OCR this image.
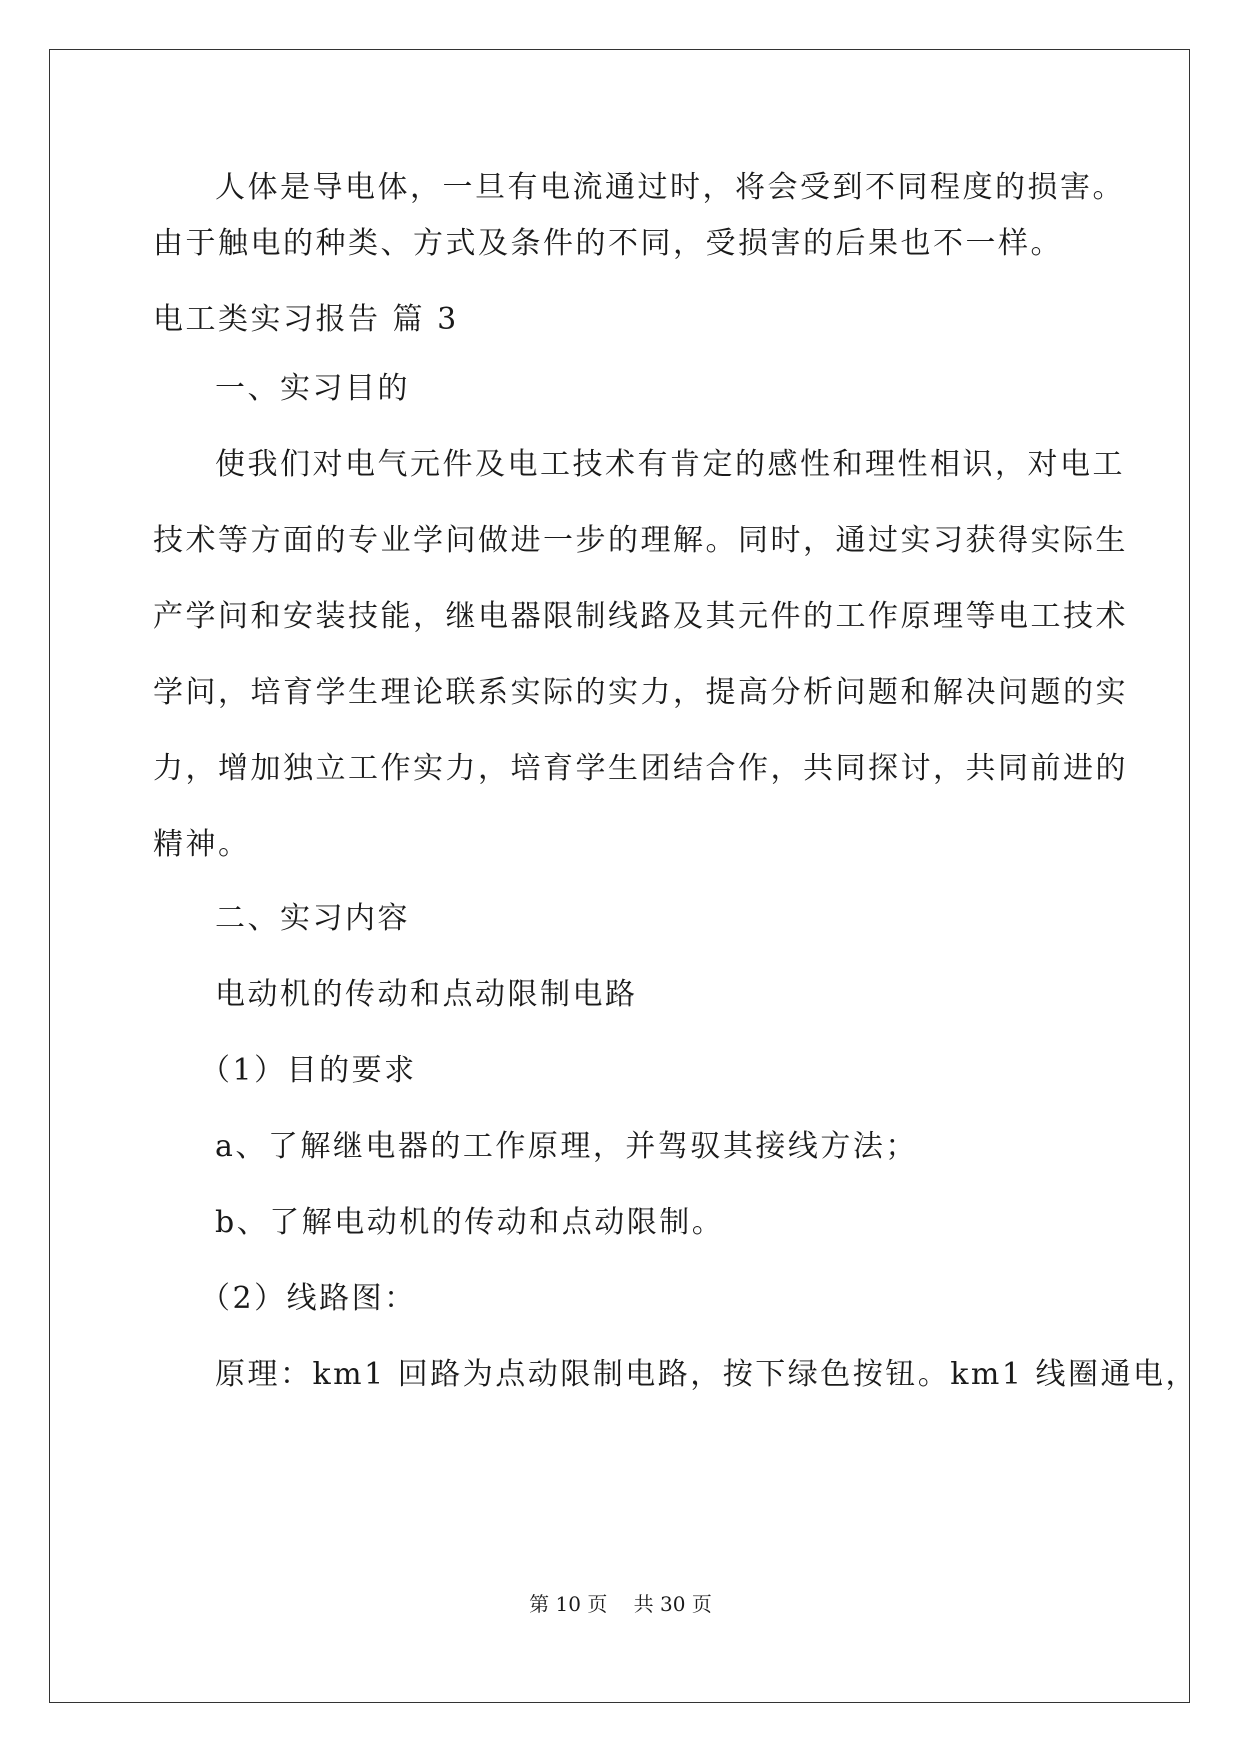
人体是导电体，一旦有电流通过时，将会受到不同程度的损害。
由于触电的种类、方式及条件的不同，受损害的后果也不一样。
电工类实习报告 篇 3
一、实习目的
使我们对电气元件及电工技术有肯定的感性和理性相识，对电工
技术等方面的专业学问做进一步的理解。同时，通过实习获得实际生
产学问和安装技能，继电器限制线路及其元件的工作原理等电工技术
学问，培育学生理论联系实际的实力，提高分析问题和解决问题的实
力，增加独立工作实力，培育学生团结合作，共同探讨，共同前进的
精神。
二、实习内容
电动机的传动和点动限制电路
（1）目的要求
a、了解继电器的工作原理，并驾驭其接线方法；
b、了解电动机的传动和点动限制。
（2）线路图：
原理：km1 回路为点动限制电路，按下绿色按钮。km1 线圈通电，
第 10 页　 共 30 页
